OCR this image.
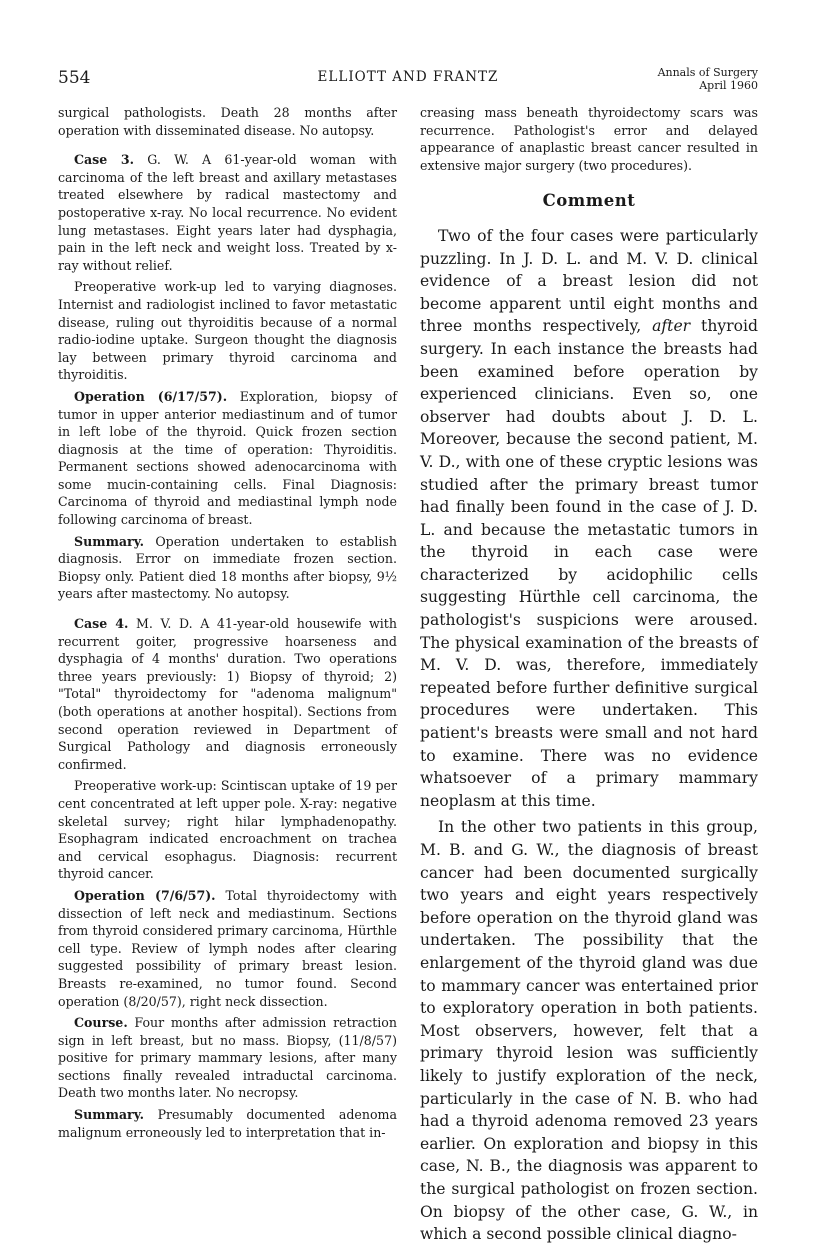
554	ELLIOTT AND FRANTZ	Annals of Surgery
April 1960

surgical pathologists. Death 28 months after operation with disseminated disease. No autopsy.

Case 3. G. W. A 61-year-old woman with carcinoma of the left breast and axillary metastases treated elsewhere by radical mastectomy and postoperative x-ray. No local recurrence. No evident lung metastases. Eight years later had dysphagia, pain in the left neck and weight loss. Treated by x-ray without relief.

Preoperative work-up led to varying diagnoses. Internist and radiologist inclined to favor metastatic disease, ruling out thyroiditis because of a normal radio-iodine uptake. Surgeon thought the diagnosis lay between primary thyroid carcinoma and thyroiditis.

Operation (6/17/57). Exploration, biopsy of tumor in upper anterior mediastinum and of tumor in left lobe of the thyroid. Quick frozen section diagnosis at the time of operation: Thyroiditis. Permanent sections showed adenocarcinoma with some mucin-containing cells. Final Diagnosis: Carcinoma of thyroid and mediastinal lymph node following carcinoma of breast.

Summary. Operation undertaken to establish diagnosis. Error on immediate frozen section. Biopsy only. Patient died 18 months after biopsy, 9½ years after mastectomy. No autopsy.

Case 4. M. V. D. A 41-year-old housewife with recurrent goiter, progressive hoarseness and dysphagia of 4 months' duration. Two operations three years previously: 1) Biopsy of thyroid; 2) "Total" thyroidectomy for "adenoma malignum" (both operations at another hospital). Sections from second operation reviewed in Department of Surgical Pathology and diagnosis erroneously confirmed.

Preoperative work-up: Scintiscan uptake of 19 per cent concentrated at left upper pole. X-ray: negative skeletal survey; right hilar lymphadenopathy. Esophagram indicated encroachment on trachea and cervical esophagus. Diagnosis: recurrent thyroid cancer.

Operation (7/6/57). Total thyroidectomy with dissection of left neck and mediastinum. Sections from thyroid considered primary carcinoma, Hürthle cell type. Review of lymph nodes after clearing suggested possibility of primary breast lesion. Breasts re-examined, no tumor found. Second operation (8/20/57), right neck dissection.

Course. Four months after admission retraction sign in left breast, but no mass. Biopsy, (11/8/57) positive for primary mammary lesions, after many sections finally revealed intraductal carcinoma. Death two months later. No necropsy.

Summary. Presumably documented adenoma malignum erroneously led to interpretation that in-

creasing mass beneath thyroidectomy scars was recurrence. Pathologist's error and delayed appearance of anaplastic breast cancer resulted in extensive major surgery (two procedures).

Comment

Two of the four cases were particularly puzzling. In J. D. L. and M. V. D. clinical evidence of a breast lesion did not become apparent until eight months and three months respectively, after thyroid surgery. In each instance the breasts had been examined before operation by experienced clinicians. Even so, one observer had doubts about J. D. L. Moreover, because the second patient, M. V. D., with one of these cryptic lesions was studied after the primary breast tumor had finally been found in the case of J. D. L. and because the metastatic tumors in the thyroid in each case were characterized by acidophilic cells suggesting Hürthle cell carcinoma, the pathologist's suspicions were aroused. The physical examination of the breasts of M. V. D. was, therefore, immediately repeated before further definitive surgical procedures were undertaken. This patient's breasts were small and not hard to examine. There was no evidence whatsoever of a primary mammary neoplasm at this time.

In the other two patients in this group, M. B. and G. W., the diagnosis of breast cancer had been documented surgically two years and eight years respectively before operation on the thyroid gland was undertaken. The possibility that the enlargement of the thyroid gland was due to mammary cancer was entertained prior to exploratory operation in both patients. Most observers, however, felt that a primary thyroid lesion was sufficiently likely to justify exploration of the neck, particularly in the case of N. B. who had had a thyroid adenoma removed 23 years earlier. On exploration and biopsy in this case, N. B., the diagnosis was apparent to the surgical pathologist on frozen section. On biopsy of the other case, G. W., in which a second possible clinical diagno-
